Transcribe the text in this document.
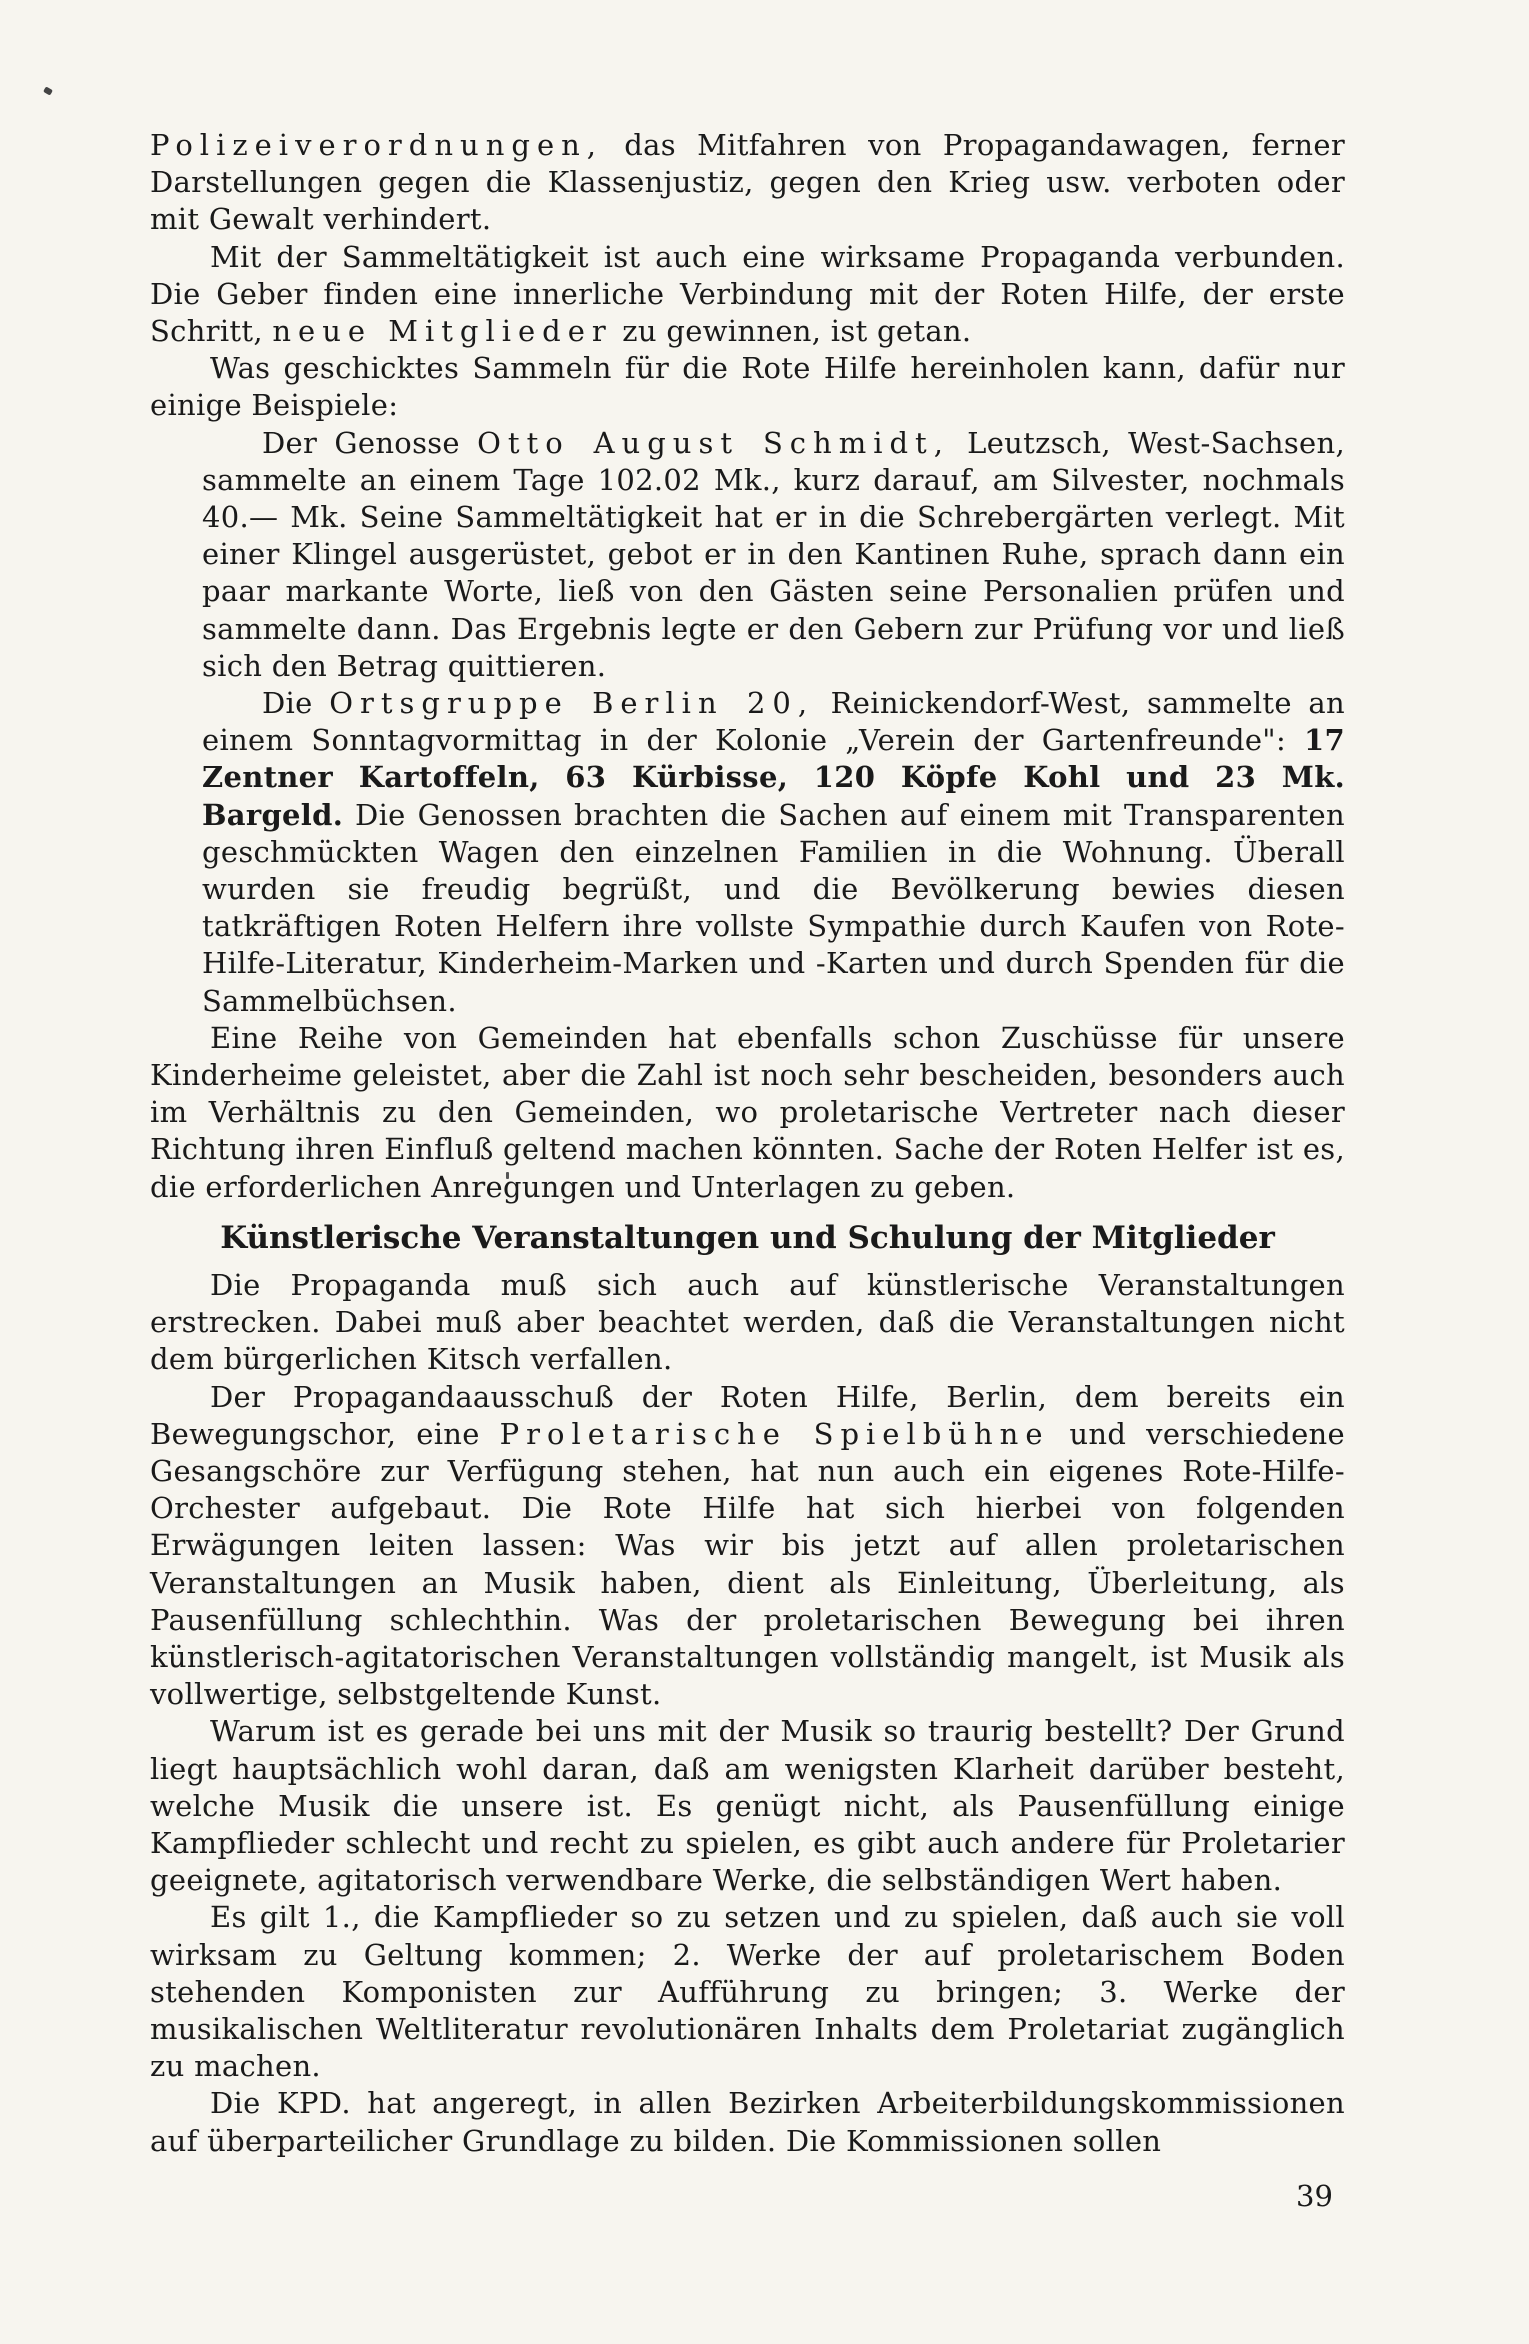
Polizeiverordnungen, das Mitfahren von Propagandawagen, ferner Darstellungen gegen die Klassenjustiz, gegen den Krieg usw. verboten oder mit Gewalt verhindert.

Mit der Sammeltätigkeit ist auch eine wirksame Propaganda verbunden. Die Geber finden eine innerliche Verbindung mit der Roten Hilfe, der erste Schritt, neue Mitglieder zu gewinnen, ist getan.

Was geschicktes Sammeln für die Rote Hilfe hereinholen kann, dafür nur einige Beispiele:

Der Genosse Otto August Schmidt, Leutzsch, West-Sachsen, sammelte an einem Tage 102.02 Mk., kurz darauf, am Silvester, nochmals 40.— Mk. Seine Sammeltätigkeit hat er in die Schrebergärten verlegt. Mit einer Klingel ausgerüstet, gebot er in den Kantinen Ruhe, sprach dann ein paar markante Worte, ließ von den Gästen seine Personalien prüfen und sammelte dann. Das Ergebnis legte er den Gebern zur Prüfung vor und ließ sich den Betrag quittieren.

Die Ortsgruppe Berlin 20, Reinickendorf-West, sammelte an einem Sonntagvormittag in der Kolonie „Verein der Gartenfreunde": 17 Zentner Kartoffeln, 63 Kürbisse, 120 Köpfe Kohl und 23 Mk. Bargeld. Die Genossen brachten die Sachen auf einem mit Transparenten geschmückten Wagen den einzelnen Familien in die Wohnung. Überall wurden sie freudig begrüßt, und die Bevölkerung bewies diesen tatkräftigen Roten Helfern ihre vollste Sympathie durch Kaufen von Rote-Hilfe-Literatur, Kinderheim-Marken und -Karten und durch Spenden für die Sammelbüchsen.

Eine Reihe von Gemeinden hat ebenfalls schon Zuschüsse für unsere Kinderheime geleistet, aber die Zahl ist noch sehr bescheiden, besonders auch im Verhältnis zu den Gemeinden, wo proletarische Vertreter nach dieser Richtung ihren Einfluß geltend machen könnten. Sache der Roten Helfer ist es, die erforderlichen Anregungen und Unterlagen zu geben.

Künstlerische Veranstaltungen und Schulung der Mitglieder

Die Propaganda muß sich auch auf künstlerische Veranstaltungen erstrecken. Dabei muß aber beachtet werden, daß die Veranstaltungen nicht dem bürgerlichen Kitsch verfallen.

Der Propagandaausschuß der Roten Hilfe, Berlin, dem bereits ein Bewegungschor, eine Proletarische Spielbühne und verschiedene Gesangschöre zur Verfügung stehen, hat nun auch ein eigenes Rote-Hilfe-Orchester aufgebaut. Die Rote Hilfe hat sich hierbei von folgenden Erwägungen leiten lassen: Was wir bis jetzt auf allen proletarischen Veranstaltungen an Musik haben, dient als Einleitung, Überleitung, als Pausenfüllung schlechthin. Was der proletarischen Bewegung bei ihren künstlerisch-agitatorischen Veranstaltungen vollständig mangelt, ist Musik als vollwertige, selbstgeltende Kunst.

Warum ist es gerade bei uns mit der Musik so traurig bestellt? Der Grund liegt hauptsächlich wohl daran, daß am wenigsten Klarheit darüber besteht, welche Musik die unsere ist. Es genügt nicht, als Pausenfüllung einige Kampflieder schlecht und recht zu spielen, es gibt auch andere für Proletarier geeignete, agitatorisch verwendbare Werke, die selbständigen Wert haben.

Es gilt 1., die Kampflieder so zu setzen und zu spielen, daß auch sie voll wirksam zu Geltung kommen; 2. Werke der auf proletarischem Boden stehenden Komponisten zur Aufführung zu bringen; 3. Werke der musikalischen Weltliteratur revolutionären Inhalts dem Proletariat zugänglich zu machen.

Die KPD. hat angeregt, in allen Bezirken Arbeiterbildungskommissionen auf überparteilicher Grundlage zu bilden. Die Kommissionen sollen

39
